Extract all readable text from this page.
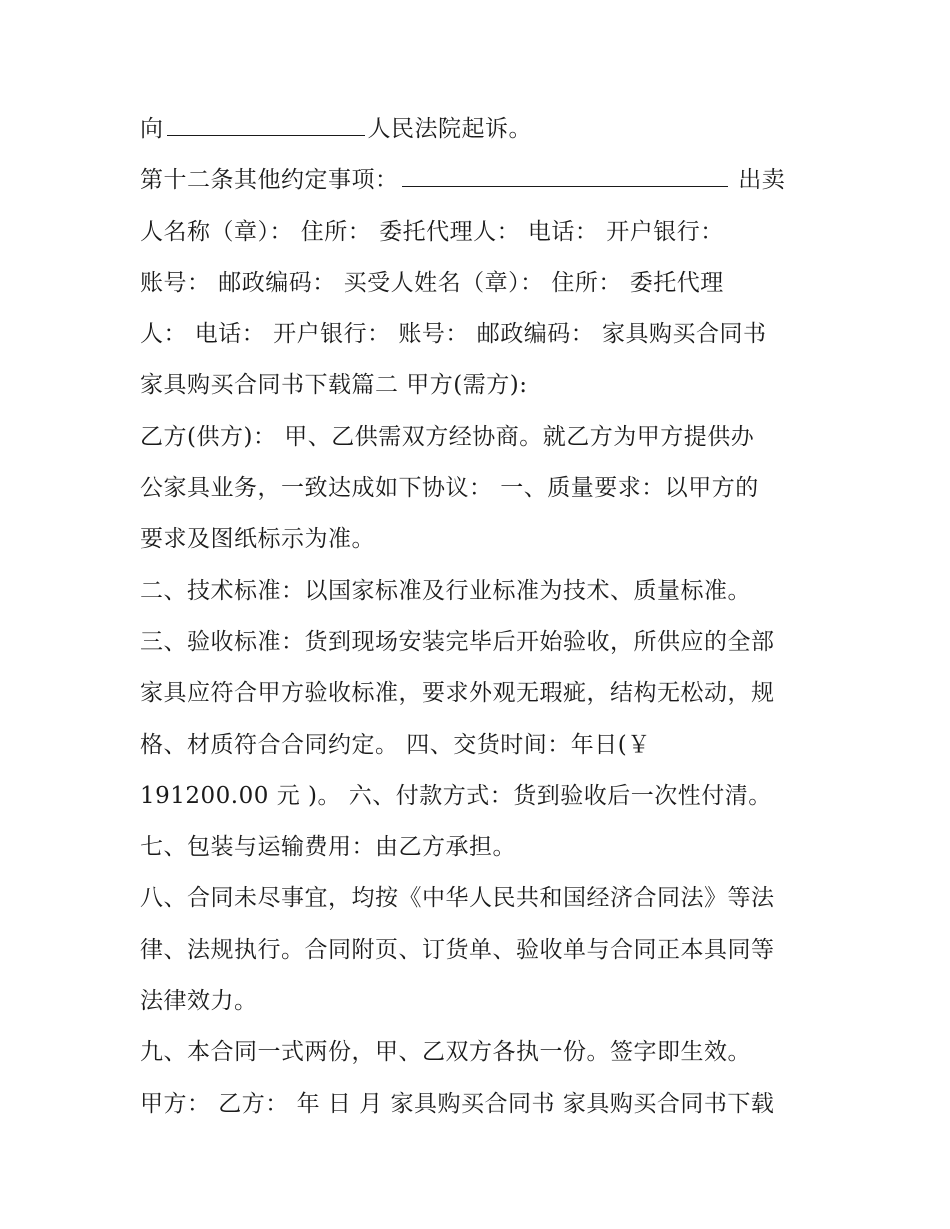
向	人民法院起诉。
第十二条其他约定事项：	出卖
人名称（章）： 住所： 委托代理人： 电话： 开户银行：
账号： 邮政编码： 买受人姓名（章）： 住所： 委托代理
人： 电话： 开户银行： 账号： 邮政编码： 家具购买合同书
家具购买合同书下载篇二 甲方(需方):
乙方(供方)： 甲、乙供需双方经协商。就乙方为甲方提供办
公家具业务，一致达成如下协议： 一、质量要求：以甲方的
要求及图纸标示为准。
二、技术标准：以国家标准及行业标准为技术、质量标准。
三、验收标准：货到现场安装完毕后开始验收，所供应的全部
家具应符合甲方验收标准，要求外观无瑕疵，结构无松动，规
格、材质符合合同约定。 四、交货时间：年日(￥
191200.00 元 )。 六、付款方式：货到验收后一次性付清。
七、包装与运输费用：由乙方承担。
八、合同未尽事宜，均按《中华人民共和国经济合同法》等法
律、法规执行。合同附页、订货单、验收单与合同正本具同等
法律效力。
九、本合同一式两份，甲、乙双方各执一份。签字即生效。
甲方： 乙方： 年 日 月 家具购买合同书 家具购买合同书下载
